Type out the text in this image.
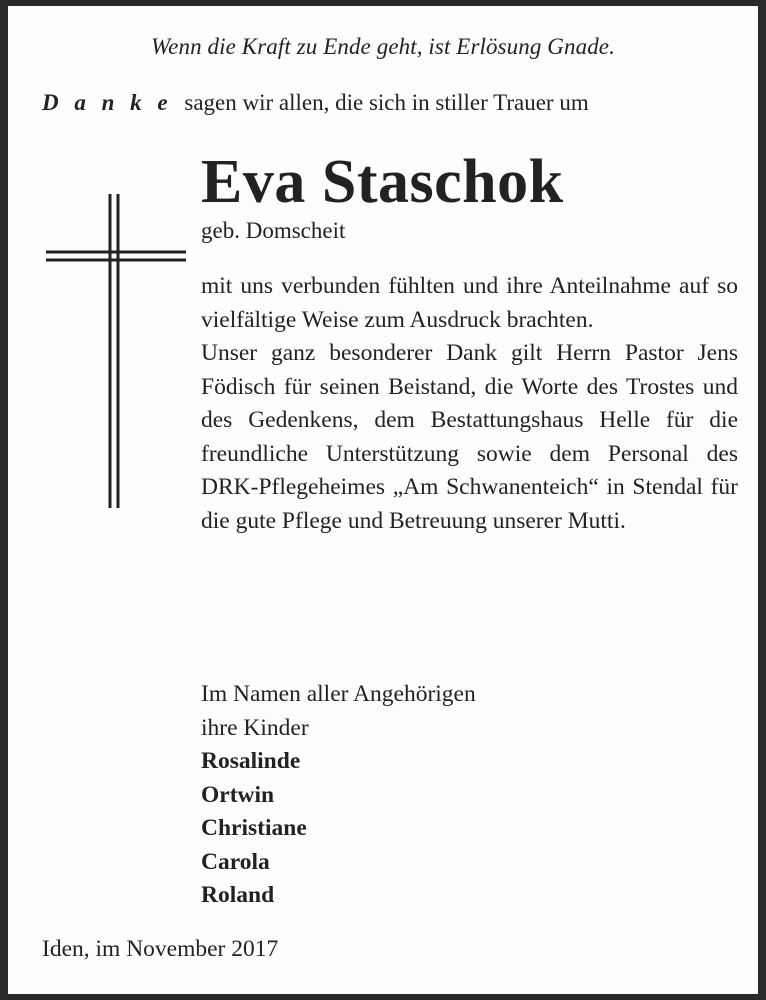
Wenn die Kraft zu Ende geht, ist Erlösung Gnade.
D a n k e sagen wir allen, die sich in stiller Trauer um
Eva Staschok
geb. Domscheit

mit uns verbunden fühlten und ihre Anteilnahme auf so vielfältige Weise zum Ausdruck brachten.

Unser ganz besonderer Dank gilt Herrn Pastor Jens Födisch für seinen Beistand, die Worte des Trostes und des Gedenkens, dem Bestattungshaus Helle für die freundliche Unterstützung sowie dem Personal des DRK-Pflegeheimes „Am Schwanenteich“ in Stendal für die gute Pflege und Betreuung unserer Mutti.

Im Namen aller Angehörigen
ihre Kinder
Rosalinde
Ortwin
Christiane
Carola
Roland
Iden, im November 2017
